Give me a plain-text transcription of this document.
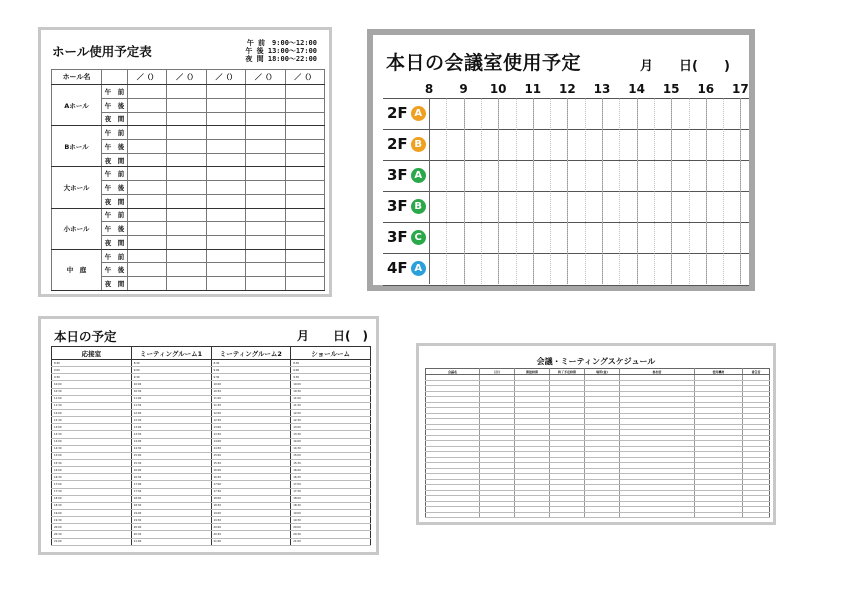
ホール使用予定表
午 前　9:00〜12:00
午 後 13:00〜17:00
夜 間 18:00〜22:00
ホール名		／（）	／（）	／（）	／（）	／（）
Aホール	午　前					
	午　後					
	夜　間					
Bホール	午　前					
	午　後					
	夜　間					
大ホール	午　前					
	午　後					
	夜　間					
小ホール	午　前					
	午　後					
	夜　間					
中　庭	午　前					
	午　後					
	夜　間					
本日の会議室使用予定	月　　日(　　)
8 9 10 11 12 13 14 15 16 17
2F A
2F B
3F A
3F B
3F C
4F A
本日の予定	月　　日(　)
応接室	ミーティングルーム1	ミーティングルーム2	ショールーム
8:30	8:30	8:30	8:30
9:00	9:00	9:00	9:00
9:30	9:30	9:30	9:30
10:00	10:00	10:00	10:00
10:30	10:30	10:30	10:30
11:00	11:00	11:00	11:00
11:30	11:30	11:30	11:30
12:00	12:00	12:00	12:00
12:30	12:30	12:30	12:30
13:00	13:00	13:00	13:00
13:30	13:30	13:30	13:30
14:00	14:00	14:00	14:00
14:30	14:30	14:30	14:30
15:00	15:00	15:00	15:00
15:30	15:30	15:30	15:30
16:00	16:00	16:00	16:00
16:30	16:30	16:30	16:30
17:00	17:00	17:00	17:00
17:30	17:30	17:30	17:30
18:00	18:00	18:00	18:00
18:30	18:30	18:30	18:30
19:00	19:00	19:00	19:00
19:30	19:30	19:30	19:30
20:00	20:00	20:00	20:00
20:30	20:30	20:30	20:30
21:00	21:00	21:00	21:00
会議・ミーティングスケジュール
会議名	月日	開始時間	終了予定時間	場所(室)	参加者	使用機材	責任者
